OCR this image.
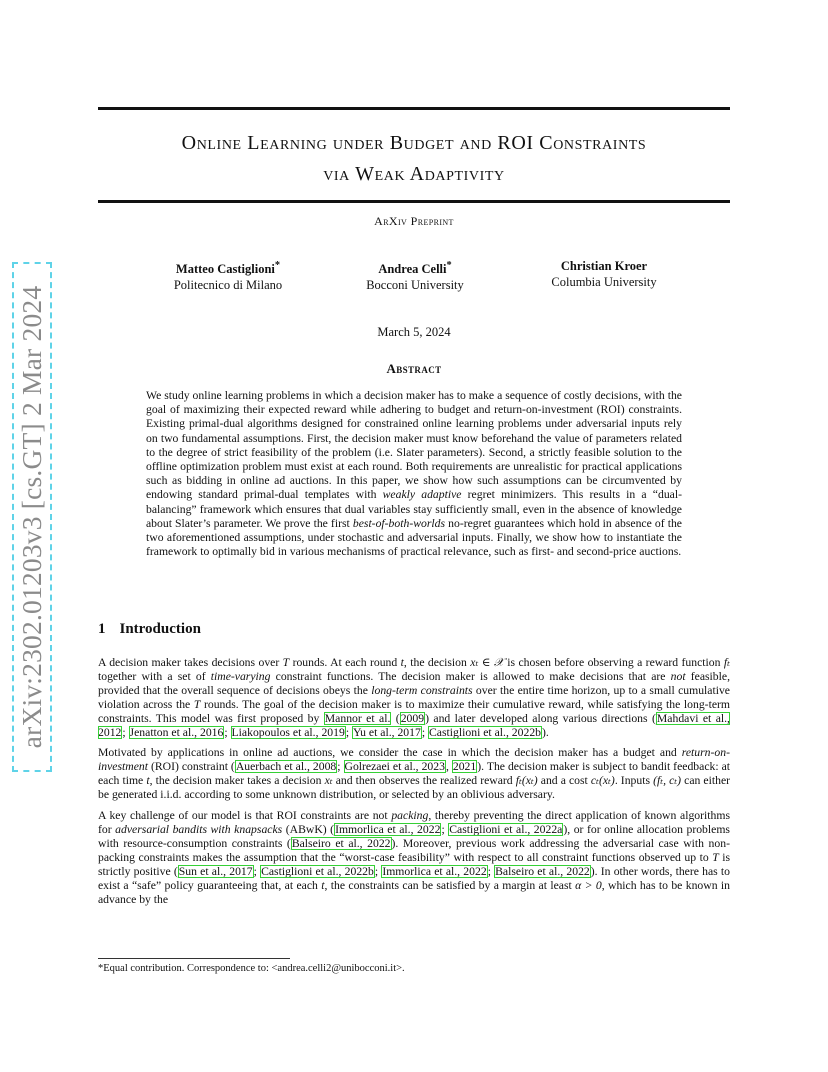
arXiv:2302.01203v3 [cs.GT] 2 Mar 2024
Online Learning under Budget and ROI Constraints
via Weak Adaptivity
ArXiv Preprint
Matteo Castiglioni*
Politecnico di Milano
Andrea Celli*
Bocconi University
Christian Kroer
Columbia University
March 5, 2024
Abstract
We study online learning problems in which a decision maker has to make a sequence of costly decisions, with the goal of maximizing their expected reward while adhering to budget and return-on-investment (ROI) constraints. Existing primal-dual algorithms designed for constrained online learning problems under adversarial inputs rely on two fundamental assumptions. First, the decision maker must know beforehand the value of parameters related to the degree of strict feasibility of the problem (i.e. Slater parameters). Second, a strictly feasible solution to the offline optimization problem must exist at each round. Both requirements are unrealistic for practical applications such as bidding in online ad auctions. In this paper, we show how such assumptions can be circumvented by endowing standard primal-dual templates with weakly adaptive regret minimizers. This results in a “dual-balancing” framework which ensures that dual variables stay sufficiently small, even in the absence of knowledge about Slater’s parameter. We prove the first best-of-both-worlds no-regret guarantees which hold in absence of the two aforementioned assumptions, under stochastic and adversarial inputs. Finally, we show how to instantiate the framework to optimally bid in various mechanisms of practical relevance, such as first- and second-price auctions.
1 Introduction

A decision maker takes decisions over T rounds. At each round t, the decision xₜ ∈ 𝒳 is chosen before observing a reward function fₜ together with a set of time-varying constraint functions. The decision maker is allowed to make decisions that are not feasible, provided that the overall sequence of decisions obeys the long-term constraints over the entire time horizon, up to a small cumulative violation across the T rounds. The goal of the decision maker is to maximize their cumulative reward, while satisfying the long-term constraints. This model was first proposed by Mannor et al. (2009) and later developed along various directions (Mahdavi et al., 2012; Jenatton et al., 2016; Liakopoulos et al., 2019; Yu et al., 2017; Castiglioni et al., 2022b).

Motivated by applications in online ad auctions, we consider the case in which the decision maker has a budget and return-on-investment (ROI) constraint (Auerbach et al., 2008; Golrezaei et al., 2023, 2021). The decision maker is subject to bandit feedback: at each time t, the decision maker takes a decision xₜ and then observes the realized reward fₜ(xₜ) and a cost cₜ(xₜ). Inputs (fₜ, cₜ) can either be generated i.i.d. according to some unknown distribution, or selected by an oblivious adversary.

A key challenge of our model is that ROI constraints are not packing, thereby preventing the direct application of known algorithms for adversarial bandits with knapsacks (ABwK) (Immorlica et al., 2022; Castiglioni et al., 2022a), or for online allocation problems with resource-consumption constraints (Balseiro et al., 2022). Moreover, previous work addressing the adversarial case with non-packing constraints makes the assumption that the “worst-case feasibility” with respect to all constraint functions observed up to T is strictly positive (Sun et al., 2017; Castiglioni et al., 2022b; Immorlica et al., 2022; Balseiro et al., 2022). In other words, there has to exist a “safe” policy guaranteeing that, at each t, the constraints can be satisfied by a margin at least α > 0, which has to be known in advance by the

*Equal contribution. Correspondence to: <andrea.celli2@unibocconi.it>.
